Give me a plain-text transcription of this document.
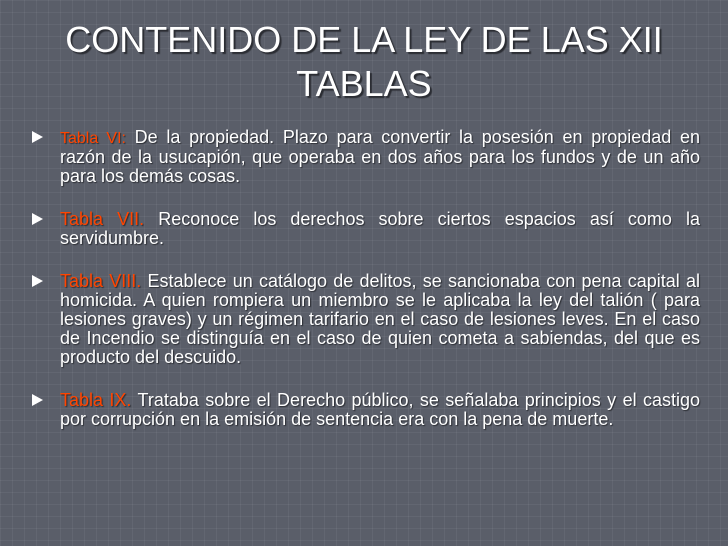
CONTENIDO DE LA LEY DE LAS XII TABLAS
Tabla VI: De la propiedad. Plazo para convertir la posesión en propiedad en razón de la usucapión, que operaba en dos años para los fundos y de un año para los demás cosas.
Tabla VII. Reconoce los derechos sobre ciertos espacios así como la servidumbre.
Tabla VIII. Establece un catálogo de delitos, se sancionaba con pena capital al homicida. A quien rompiera un miembro se le aplicaba la ley del talión ( para lesiones graves) y un régimen tarifario en el caso de lesiones leves. En el caso de Incendio se distinguía en el caso de quien cometa a sabiendas, del que es producto del descuido.
Tabla IX. Trataba sobre el Derecho público, se señalaba principios y el castigo por corrupción en la emisión de sentencia era con la pena de muerte.
